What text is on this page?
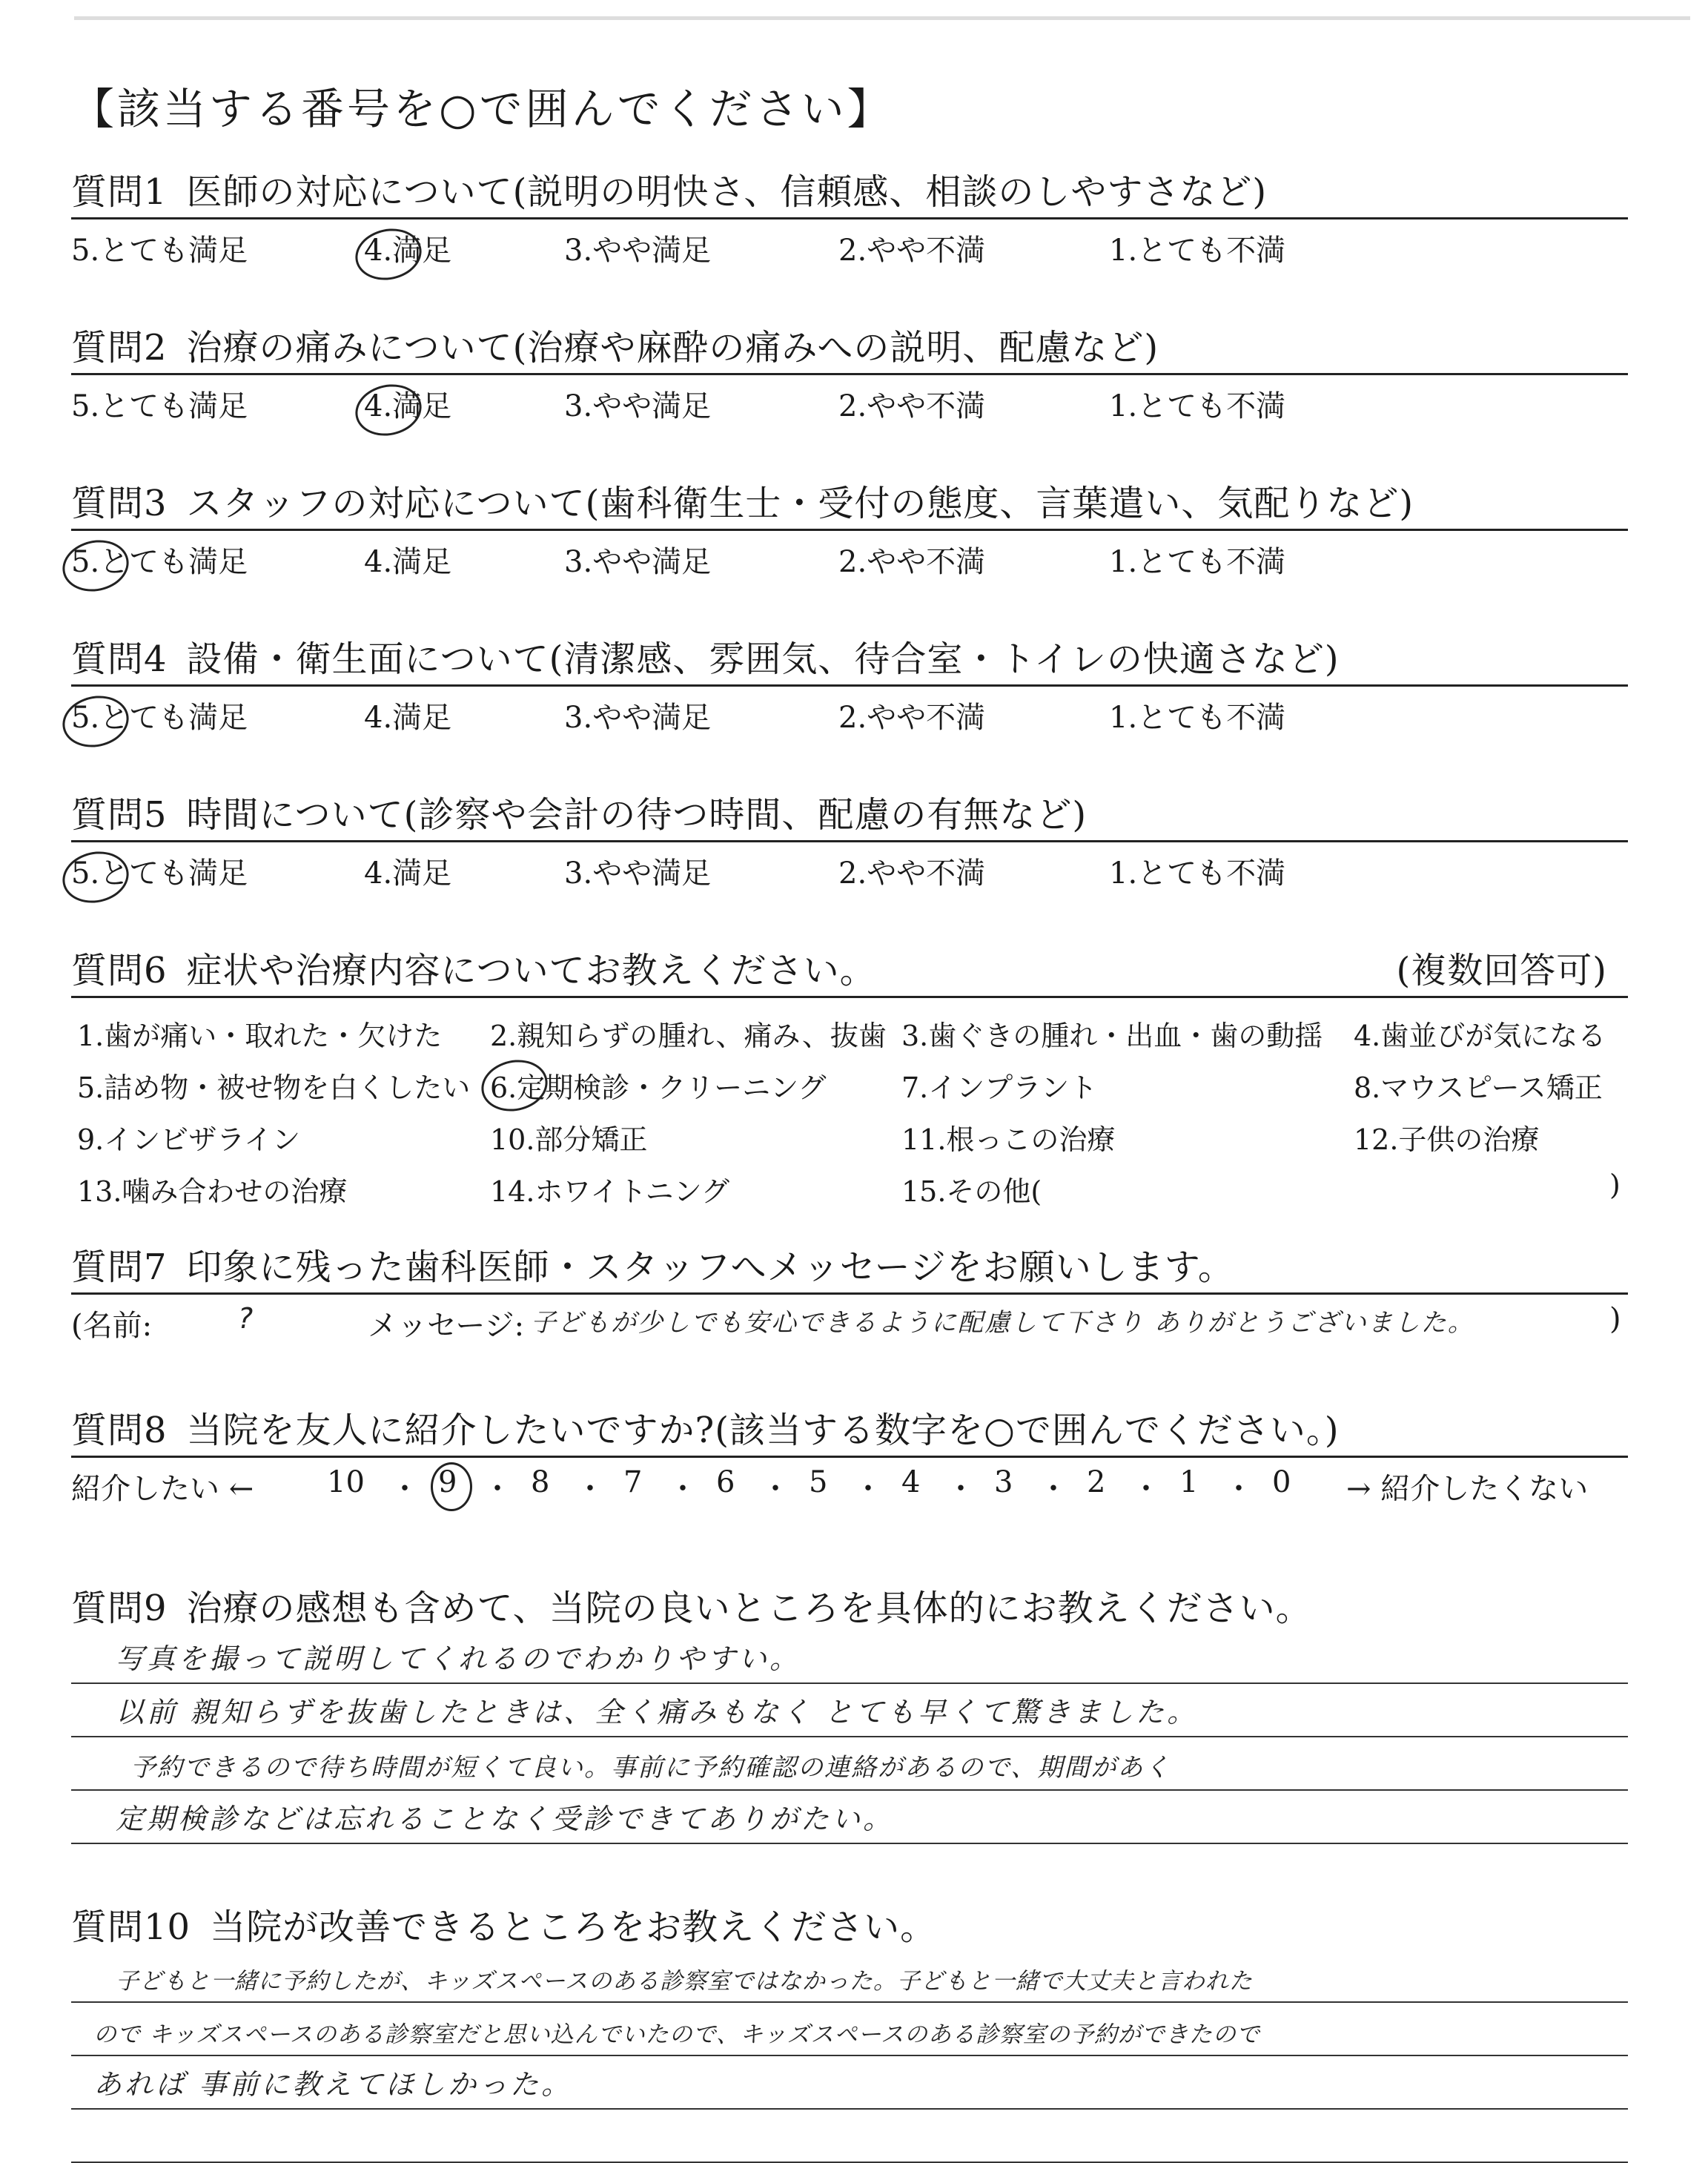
【該当する番号を○で囲んでください】
質問1 医師の対応について(説明の明快さ、信頼感、相談のしやすさなど)
5.とても満足	4.満足	3.やや満足	2.やや不満	1.とても不満
質問2 治療の痛みについて(治療や麻酔の痛みへの説明、配慮など)
5.とても満足	4.満足	3.やや満足	2.やや不満	1.とても不満
質問3 スタッフの対応について(歯科衛生士・受付の態度、言葉遣い、気配りなど)
5.とても満足	4.満足	3.やや満足	2.やや不満	1.とても不満
質問4 設備・衛生面について(清潔感、雰囲気、待合室・トイレの快適さなど)
5.とても満足	4.満足	3.やや満足	2.やや不満	1.とても不満
質問5 時間について(診察や会計の待つ時間、配慮の有無など)
5.とても満足	4.満足	3.やや満足	2.やや不満	1.とても不満
質問6 症状や治療内容についてお教えください。	(複数回答可)
1.歯が痛い・取れた・欠けた 2.親知らずの腫れ、痛み、抜歯 3.歯ぐきの腫れ・出血・歯の動揺 4.歯並びが気になる
5.詰め物・被せ物を白くしたい 6.定期検診・クリーニング	7.インプラント	8.マウスピース矯正
9.インビザライン	10.部分矯正	11.根っこの治療	12.子供の治療
13.噛み合わせの治療	14.ホワイトニング	15.その他(	)
質問7 印象に残った歯科医師・スタッフへメッセージをお願いします。
(名前:	?	メッセージ: 子どもが少しでも安心できるように配慮して下さり ありがとうございました。	)
質問8 当院を友人に紹介したいですか?(該当する数字を○で囲んでください。)
紹介したい ← 10 ・ 9 ・ 8 ・ 7 ・ 6 ・ 5 ・ 4 ・ 3 ・ 2 ・ 1 ・ 0 → 紹介したくない
質問9 治療の感想も含めて、当院の良いところを具体的にお教えください。
写真を撮って説明してくれるのでわかりやすい。
以前 親知らずを抜歯したときは、全く痛みもなく とても早くて驚きました。
予約できるので待ち時間が短くて良い。事前に予約確認の連絡があるので、期間があく
定期検診などは忘れることなく受診できてありがたい。
質問10 当院が改善できるところをお教えください。
子どもと一緒に予約したが、キッズスペースのある診察室ではなかった。子どもと一緒で大丈夫と言われた
ので キッズスペースのある診察室だと思い込んでいたので、キッズスペースのある診察室の予約ができたので
あれば 事前に教えてほしかった。
